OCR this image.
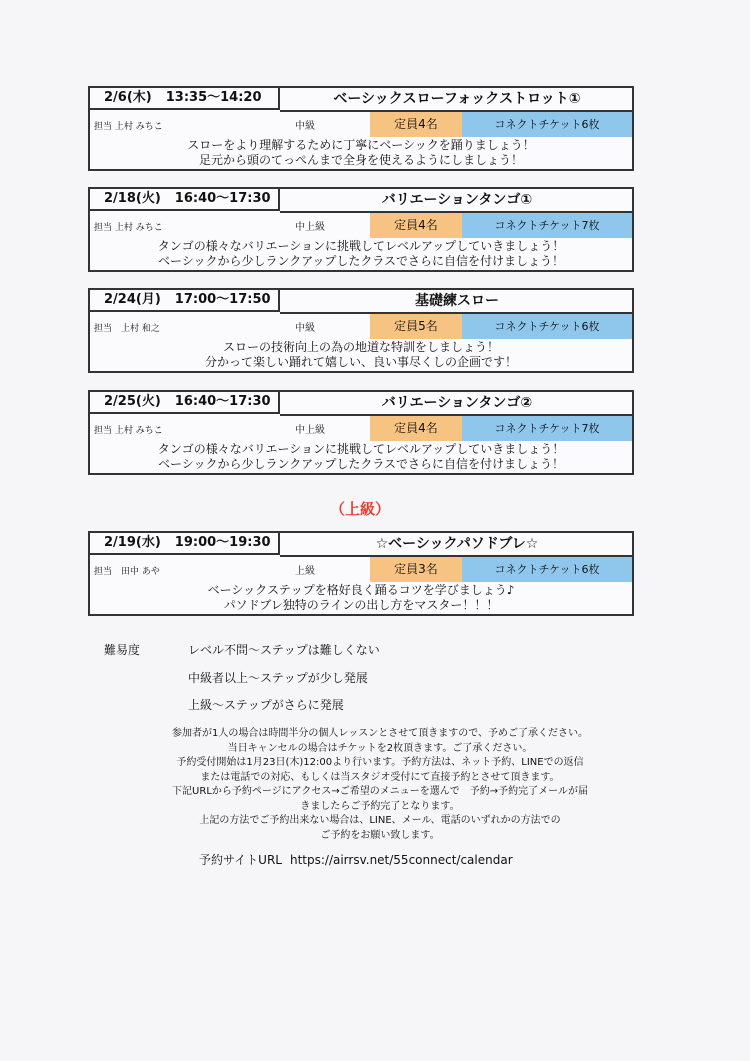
2/6(木) 13:35～14:20	ベーシックスローフォックストロット①
担当 上村 みちこ	中級	定員4名	コネクトチケット6枚
スローをより理解するために丁寧にベーシックを踊りましょう！
足元から頭のてっぺんまで全身を使えるようにしましょう！
2/18(火) 16:40～17:30	バリエーションタンゴ①
担当 上村 みちこ	中上級	定員4名	コネクトチケット7枚
タンゴの様々なバリエーションに挑戦してレベルアップしていきましょう！
ベーシックから少しランクアップしたクラスでさらに自信を付けましょう！
2/24(月) 17:00～17:50	基礎練スロー
担当　上村 和之	中級	定員5名	コネクトチケット6枚
スローの技術向上の為の地道な特訓をしましょう！
分かって楽しい踊れて嬉しい、良い事尽くしの企画です！
2/25(火) 16:40～17:30	バリエーションタンゴ②
担当 上村 みちこ	中上級	定員4名	コネクトチケット7枚
タンゴの様々なバリエーションに挑戦してレベルアップしていきましょう！
ベーシックから少しランクアップしたクラスでさらに自信を付けましょう！
（上級）
2/19(水) 19:00～19:30	☆ベーシックパソドブレ☆
担当　田中 あや	上級	定員3名	コネクトチケット6枚
ベーシックステップを格好良く踊るコツを学びましょう♪
パソドブレ独特のラインの出し方をマスター！！！
難易度	レベル不問～ステップは難しくない
中級者以上～ステップが少し発展
上級～ステップがさらに発展
参加者が1人の場合は時間半分の個人レッスンとさせて頂きますので、予めご了承ください。
当日キャンセルの場合はチケットを2枚頂きます。ご了承ください。
予約受付開始は1月23日(木)12:00より行います。予約方法は、ネット予約、LINEでの返信
または電話での対応、もしくは当スタジオ受付にて直接予約とさせて頂きます。
下記URLから予約ページにアクセス→ご希望のメニューを選んで　予約→予約完了メールが届
きましたらご予約完了となります。
上記の方法でご予約出来ない場合は、LINE、メール、電話のいずれかの方法での
ご予約をお願い致します。
予約サイトURL https://airrsv.net/55connect/calendar
